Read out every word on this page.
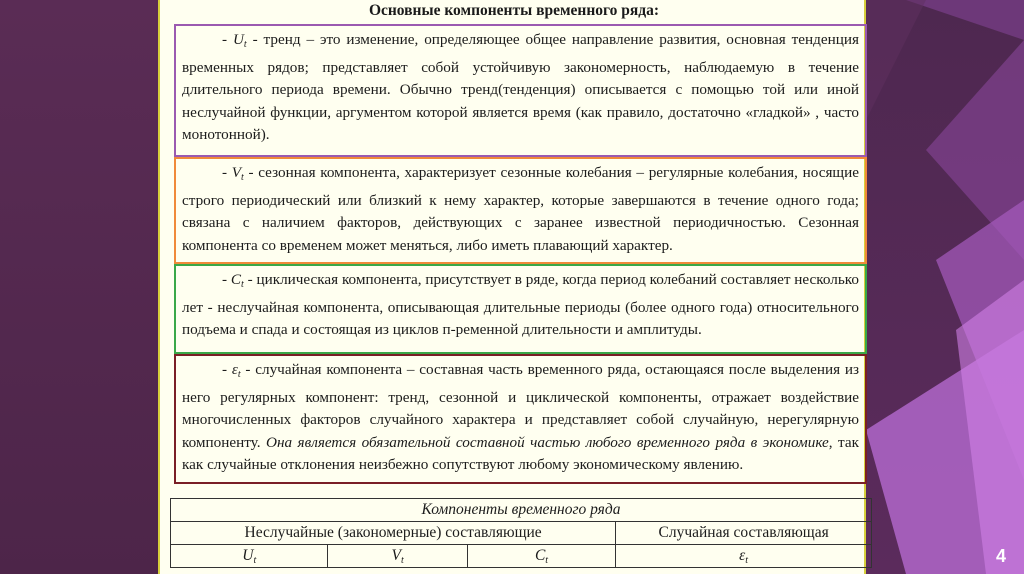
Основные компоненты временного ряда:

- $U_t$ - тренд – это изменение, определяющее общее направление развития, основная тенденция временных рядов; представляет собой устойчивую закономерность, наблюдаемую в течение длительного периода времени. Обычно тренд(тенденция) описывается с помощью той или иной неслучайной функции, аргументом которой является время (как правило, достаточно «гладкой» , часто монотонной).

- $V_t$ - сезонная компонента, характеризует сезонные колебания – регулярные колебания, носящие строго периодический или близкий к нему характер, которые завершаются в течение одного года; связана с наличием факторов, действующих с заранее известной периодичностью. Сезонная компонента со временем может меняться, либо иметь плавающий характер.

- $C_t$ - циклическая компонента, присутствует в ряде, когда период колебаний составляет несколько лет - неслучайная компонента, описывающая длительные периоды (более одного года) относительного подъема и спада и состоящая из циклов п-ременной длительности и амплитуды.

- $\varepsilon_t$ - случайная компонента – составная часть временного ряда, остающаяся после выделения из него регулярных компонент: тренд, сезонной и циклической компоненты, отражает воздействие многочисленных факторов случайного характера и представляет собой случайную, нерегулярную компоненту. Она является обязательной составной частью любого временного ряда в экономике, так как случайные отклонения неизбежно сопутствуют любому экономическому явлению.

Компоненты временного ряда			
Неслучайные (закономерные) составляющие			Случайная составляющая
$U_t$	$V_t$	$C_t$	$\varepsilon_t$	4
